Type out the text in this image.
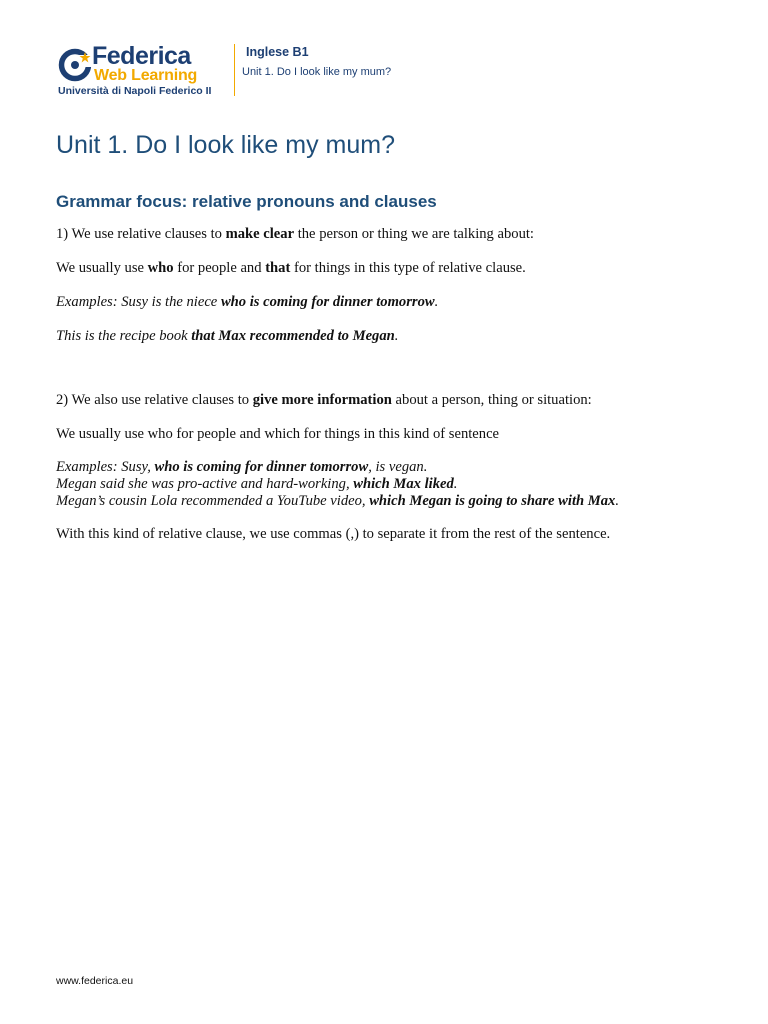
Federica

Web Learning

Università di Napoli Federico II

Inglese B1

Unit 1. Do I look like my mum?

Unit 1. Do I look like my mum?
Grammar focus: relative pronouns and clauses

1) We use relative clauses to make clear the person or thing we are talking about:

We usually use who for people and that for things in this type of relative clause.

Examples: Susy is the niece who is coming for dinner tomorrow.

This is the recipe book that Max recommended to Megan.

2) We also use relative clauses to give more information about a person, thing or situation:

We usually use who for people and which for things in this kind of sentence

Examples: Susy, who is coming for dinner tomorrow, is vegan.
Megan said she was pro-active and hard-working, which Max liked.
Megan’s cousin Lola recommended a YouTube video, which Megan is going to share with Max.

With this kind of relative clause, we use commas (,) to separate it from the rest of the sentence.

www.federica.eu
